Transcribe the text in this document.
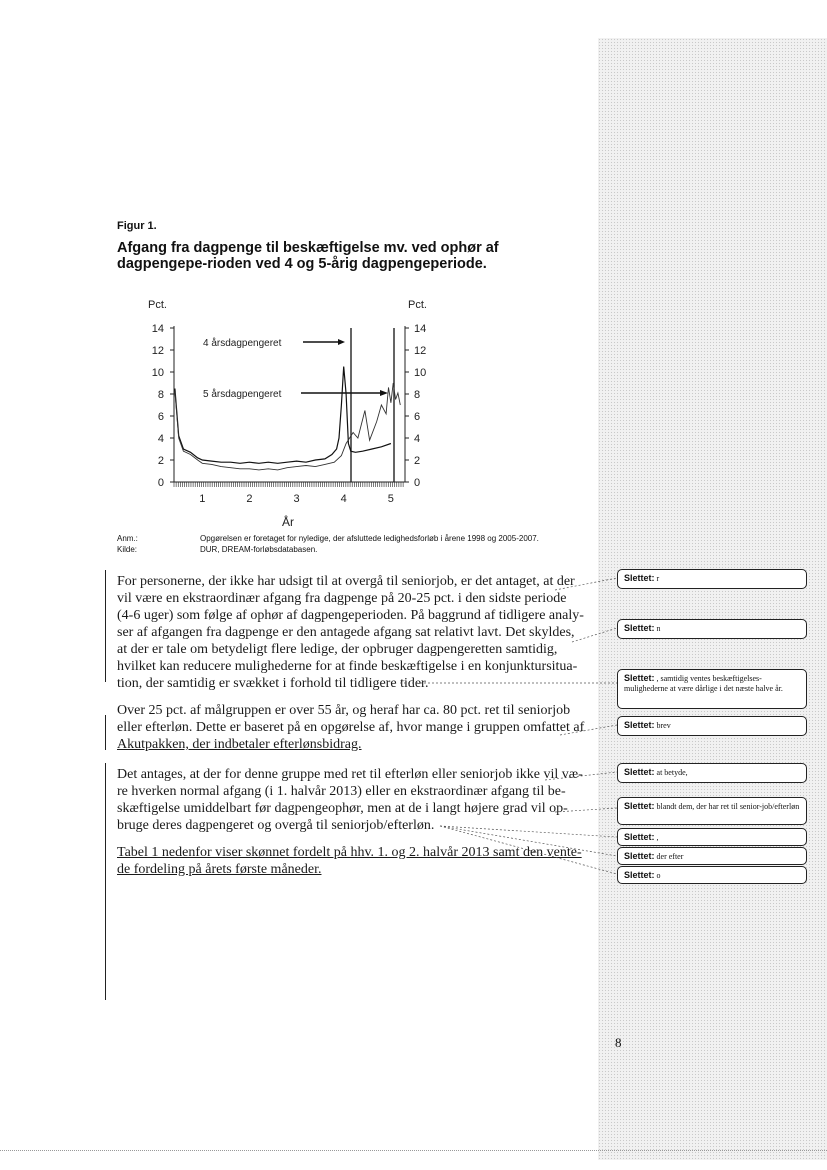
Figur 1.
Afgang fra dagpenge til beskæftigelse mv. ved ophør af dagpengepe-rioden ved 4 og 5-årig dagpengeperiode.
Pct.	Pct.
0	0
2	2
4	4
6	6
8	8
10	10
12	12
14	14
1	2	3	4	5
4 årsdagpengeret
5 årsdagpengeret
År
Anm.:	Opgørelsen er foretaget for nyledige, der afsluttede ledighedsforløb i årene 1998 og 2005-2007.
Kilde:	DUR, DREAM-forløbsdatabasen.
For personerne, der ikke har udsigt til at overgå til seniorjob, er det antaget, at der
vil være en ekstraordinær afgang fra dagpenge på 20-25 pct. i den sidste periode
(4-6 uger) som følge af ophør af dagpengeperioden. På baggrund af tidligere analy-
ser af afgangen fra dagpenge er den antagede afgang sat relativt lavt. Det skyldes,
at der er tale om betydeligt flere ledige, der opbruger dagpengeretten samtidig,
hvilket kan reducere mulighederne for at finde beskæftigelse i en konjunktursitua-
tion, der samtidig er svækket i forhold til tidligere tider.
Over 25 pct. af målgruppen er over 55 år, og heraf har ca. 80 pct. ret til seniorjob
eller efterløn. Dette er baseret på en opgørelse af, hvor mange i gruppen omfattet af
Akutpakken, der indbetaler efterlønsbidrag.
Det antages, at der for denne gruppe med ret til efterløn eller seniorjob ikke vil væ-
re hverken normal afgang (i 1. halvår 2013) eller en ekstraordinær afgang til be-
skæftigelse umiddelbart før dagpengeophør, men at de i langt højere grad vil op-
bruge deres dagpengeret og overgå til seniorjob/efterløn.
Tabel 1 nedenfor viser skønnet fordelt på hhv. 1. og 2. halvår 2013 samt den vente-
de fordeling på årets første måneder.
Slettet: r
Slettet: n
Slettet: , samtidig ventes beskæftigelses-mulighederne at være dårlige i det næste halve år.
Slettet: brev
Slettet: at betyde,
Slettet: blandt dem, der har ret til senior-job/efterløn
Slettet: ,
Slettet: der efter
Slettet: o
8
